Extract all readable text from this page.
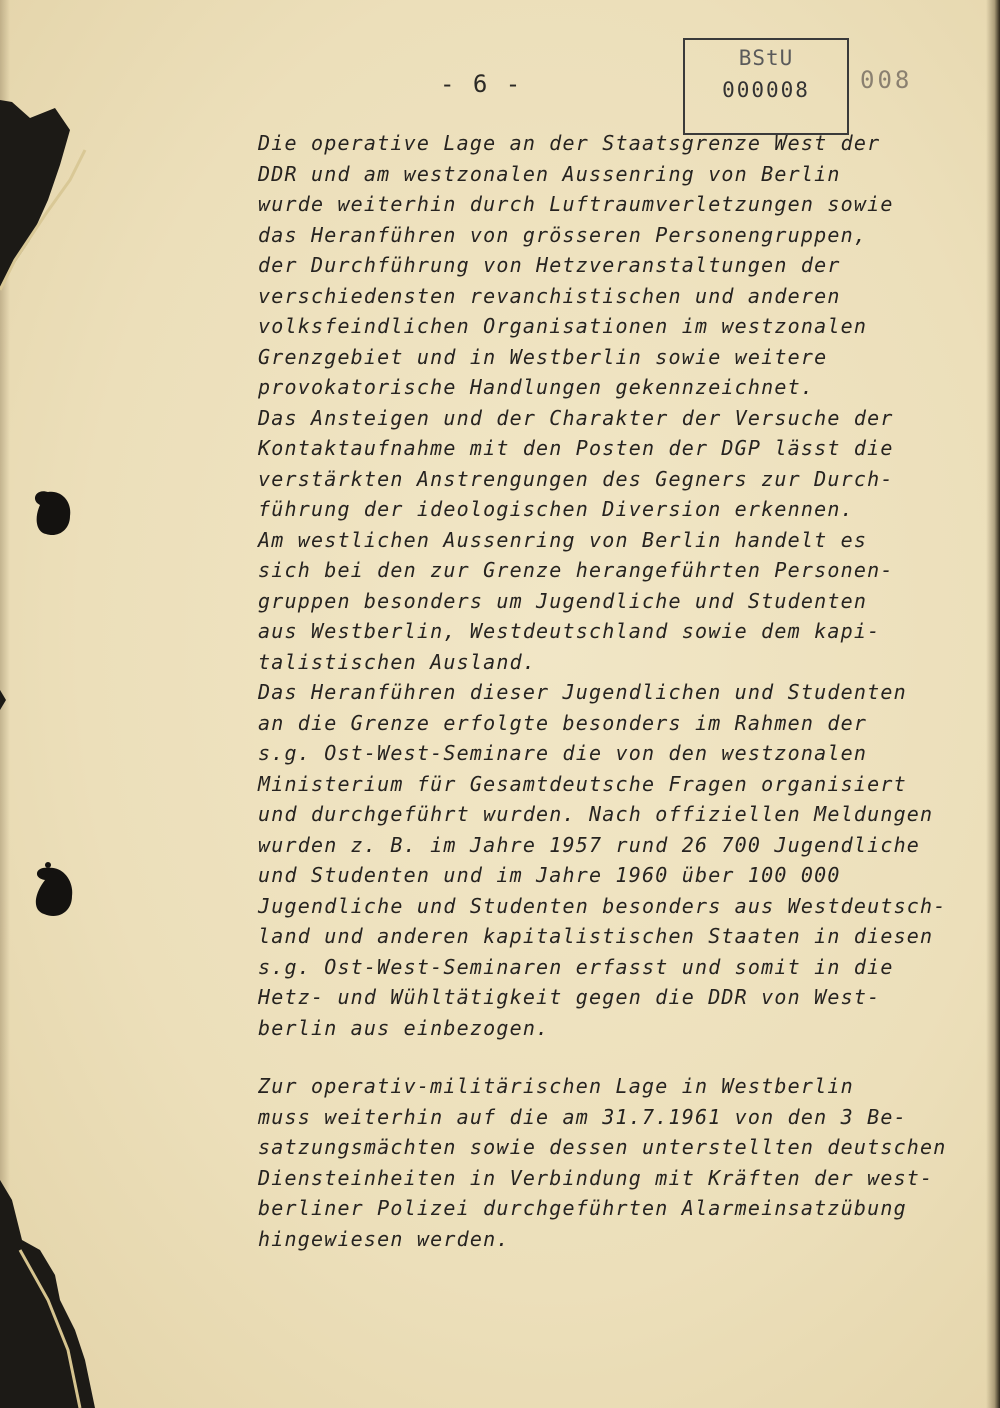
- 6 -
BStU
000008	008
Die operative Lage an der Staatsgrenze West der
DDR und am westzonalen Aussenring von Berlin
wurde weiterhin durch Luftraumverletzungen sowie
das Heranführen von grösseren Personengruppen,
der Durchführung von Hetzveranstaltungen der
verschiedensten revanchistischen und anderen
volksfeindlichen Organisationen im westzonalen
Grenzgebiet und in Westberlin sowie weitere
provokatorische Handlungen gekennzeichnet.
Das Ansteigen und der Charakter der Versuche der
Kontaktaufnahme mit den Posten der DGP lässt die
verstärkten Anstrengungen des Gegners zur Durch-
führung der ideologischen Diversion erkennen.
Am westlichen Aussenring von Berlin handelt es
sich bei den zur Grenze herangeführten Personen-
gruppen besonders um Jugendliche und Studenten
aus Westberlin, Westdeutschland sowie dem kapi-
talistischen Ausland.
Das Heranführen dieser Jugendlichen und Studenten
an die Grenze erfolgte besonders im Rahmen der
s.g. Ost-West-Seminare die von den westzonalen
Ministerium für Gesamtdeutsche Fragen organisiert
und durchgeführt wurden. Nach offiziellen Meldungen
wurden z. B. im Jahre 1957 rund 26 700 Jugendliche
und Studenten und im Jahre 1960 über 100 000
Jugendliche und Studenten besonders aus Westdeutsch-
land und anderen kapitalistischen Staaten in diesen
s.g. Ost-West-Seminaren erfasst und somit in die
Hetz- und Wühltätigkeit gegen die DDR von West-
berlin aus einbezogen.
Zur operativ-militärischen Lage in Westberlin
muss weiterhin auf die am 31.7.1961 von den 3 Be-
satzungsmächten sowie dessen unterstellten deutschen
Diensteinheiten in Verbindung mit Kräften der west-
berliner Polizei durchgeführten Alarmeinsatzübung
hingewiesen werden.
